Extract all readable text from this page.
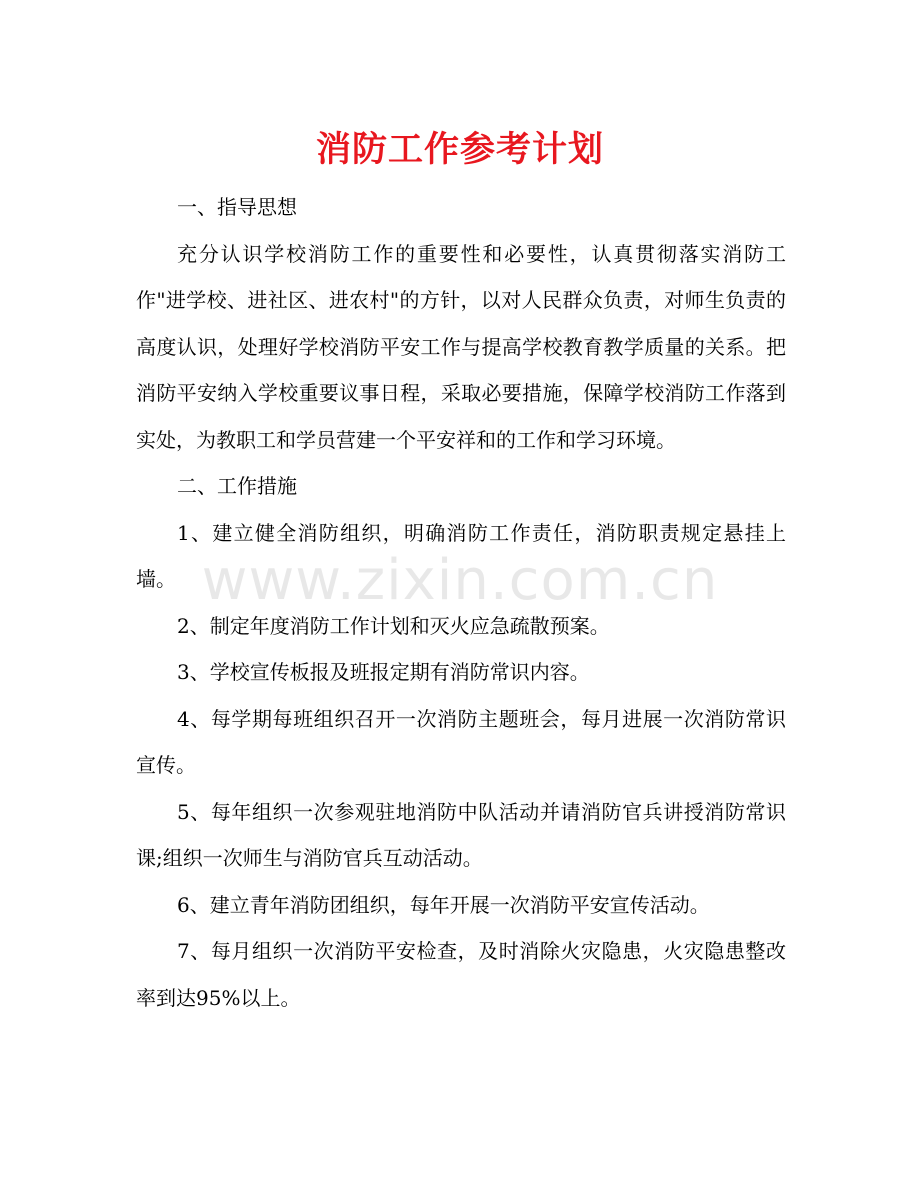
消防工作参考计划

一、指导思想

充分认识学校消防工作的重要性和必要性，认真贯彻落实消防工作"进学校、进社区、进农村"的方针，以对人民群众负责，对师生负责的高度认识，处理好学校消防平安工作与提高学校教育教学质量的关系。把消防平安纳入学校重要议事日程，采取必要措施，保障学校消防工作落到实处，为教职工和学员营建一个平安祥和的工作和学习环境。

二、工作措施

1、建立健全消防组织，明确消防工作责任，消防职责规定悬挂上墙。

2、制定年度消防工作计划和灭火应急疏散预案。

3、学校宣传板报及班报定期有消防常识内容。

4、每学期每班组织召开一次消防主题班会，每月进展一次消防常识宣传。

5、每年组织一次参观驻地消防中队活动并请消防官兵讲授消防常识课;组织一次师生与消防官兵互动活动。

6、建立青年消防团组织，每年开展一次消防平安宣传活动。

7、每月组织一次消防平安检查，及时消除火灾隐患，火灾隐患整改率到达95%以上。

www.zixin.com.cn
